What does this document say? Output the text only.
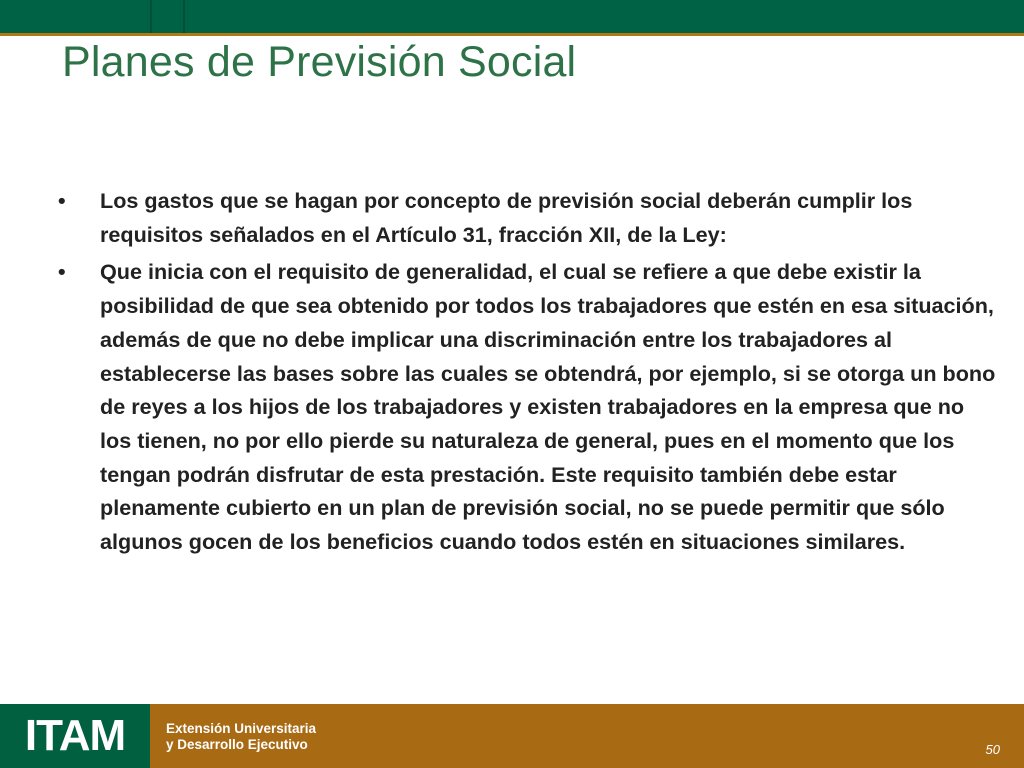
Planes de Previsión Social
• Los gastos que se hagan por concepto de previsión social deberán cumplir los requisitos señalados en el Artículo 31, fracción XII, de la Ley:
• Que inicia con el requisito de generalidad, el cual se refiere a que debe existir la posibilidad de que sea obtenido por todos los trabajadores que estén en esa situación, además de que no debe implicar una discriminación entre los trabajadores al establecerse las bases sobre las cuales se obtendrá, por ejemplo, si se otorga un bono de reyes a los hijos de los trabajadores y existen trabajadores en la empresa que no los tienen, no por ello pierde su naturaleza de general, pues en el momento que los tengan podrán disfrutar de esta prestación. Este requisito también debe estar plenamente cubierto en un plan de previsión social, no se puede permitir que sólo algunos gocen de los beneficios cuando todos estén en situaciones similares.
ITAM	Extensión Universitaria
y Desarrollo Ejecutivo	50
